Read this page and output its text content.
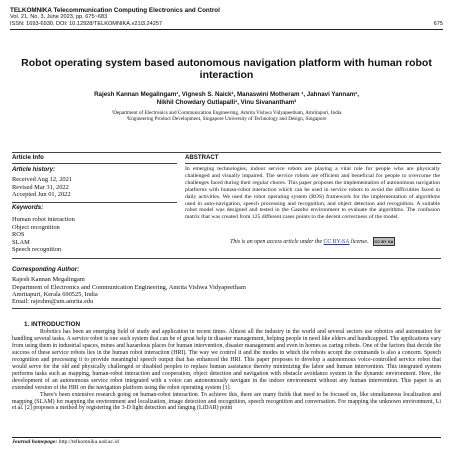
TELKOMNIKA Telecommunication Computing Electronics and Control
Vol. 21, No. 3, June 2023, pp. 675~683
ISSN: 1693-6930, DOI: 10.12928/TELKOMNIKA.v21i3.24257	675
Robot operating system based autonomous navigation platform with human robot interaction
Rajesh Kannan Megalingam¹, Vignesh S. Naick¹, Manaswini Motheram ¹, Jahnavi Yannam¹,
Nikhil Chowdary Gutlapalli¹, Vinu Sivanantham²
¹Department of Electronics and Communication Engineering, Amrita Vishwa Vidyapeetham, Amritapuri, India
²Engineering Product Development, Singapore University of Technology and Design, Singapore
Article Info	ABSTRACT
Article history:
Received Aug 12, 2021
Revised Mar 31, 2022
Accepted Jun 01, 2022
Keywords:
Human robot interaction
Object recognition
ROS
SLAM
Speech recognition
In emerging technologies, indoor service robots are playing a vital role for people who are physically challenged and visually impaired. The service robots are efficient and beneficial for people to overcome the challenges faced during their regular chores. This paper proposes the implementation of autonomous navigation platforms with human-robot interaction which can be used in service robots to avoid the difficulties faced in daily activities. We used the robot operating system (ROS) framework for the implementation of algorithms used in auto-navigation, speech processing and recognition, and object detection and recognition. A suitable robot model was designed and tested in the Gazebo environment to evaluate the algorithms. The confusion matrix that was created from 125 different cases points to the decent correctness of the model.
This is an open access article under the CC BY-SA license. CC BY SA
Corresponding Author:
Rajesh Kannan Megalingam
Department of Electronics and Communication Engineering, Amrita Vishwa Vidyapeetham
Amritapuri, Kerala 690525, India
Email: rajeshm@am.amrita.edu
1. INTRODUCTION

Robotics has been an emerging field of study and application in recent times. Almost all the industry in the world and several sectors use robotics and automation for handling several tasks. A service robot is one such system that can be of great help in disaster management, helping people in need like elders and handicapped. The applications vary from using them in industrial spaces, mines and hazardous places for human intervention, disaster management and even in homes as caring robots. One of the factors that decide the success of these service robots lies in the human robot interaction (HRI). The way we control it and the modes in which the robots accept the commands is also a concern. Speech recognition and processing it to provide meaningful speech output that has enhanced the HRI. This paper proposes to develop a autonomous voice-controlled service robot that would serve for the old and physically challenged or disabled peoples to replace human assistance thereby minimizing the labor and human intervention. This integrated system performs tasks such as mapping, human-robot interaction and cooperation, object detection and navigation with obstacle avoidance system in the dynamic environment. Here, the development of an autonomous service robot integrated with a voice can autonomously navigate in the indoor environment without any human intervention. This paper is an extended version of the HRI on the navigation platform using the robot operating system [1].

There's been extensive research going on human-robot interaction. To achieve this, there are many fields that need to be focused on, like simultaneous localization and mapping (SLAM) for mapping the environment and localization, image detection and recognition, speech recognition and conversation. For mapping the unknown environment, Li et al. [2] proposes a method by registering the 3-D light detection and ranging (LiDAR) point

Journal homepage: http://telkomnika.uad.ac.id
